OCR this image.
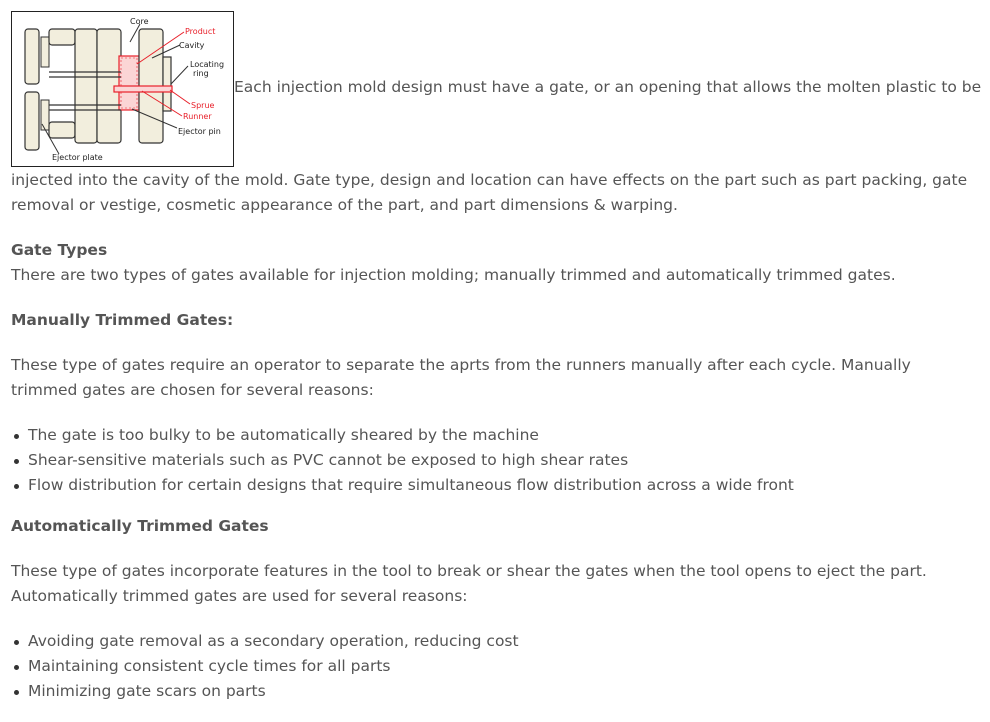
Core
Product
Cavity
Locating
ring
Sprue
Runner
Ejector pin
Ejector plate
Each injection mold design must have a gate, or an opening that allows the molten plastic to be

injected into the cavity of the mold. Gate type, design and location can have effects on the part such as part packing, gate removal or vestige, cosmetic appearance of the part, and part dimensions & warping.

Gate Types

There are two types of gates available for injection molding; manually trimmed and automatically trimmed gates.

Manually Trimmed Gates:

These type of gates require an operator to separate the aprts from the runners manually after each cycle. Manually trimmed gates are chosen for several reasons:

The gate is too bulky to be automatically sheared by the machine
Shear-sensitive materials such as PVC cannot be exposed to high shear rates
Flow distribution for certain designs that require simultaneous flow distribution across a wide front
Automatically Trimmed Gates

These type of gates incorporate features in the tool to break or shear the gates when the tool opens to eject the part. Automatically trimmed gates are used for several reasons:

Avoiding gate removal as a secondary operation, reducing cost
Maintaining consistent cycle times for all parts
Minimizing gate scars on parts
